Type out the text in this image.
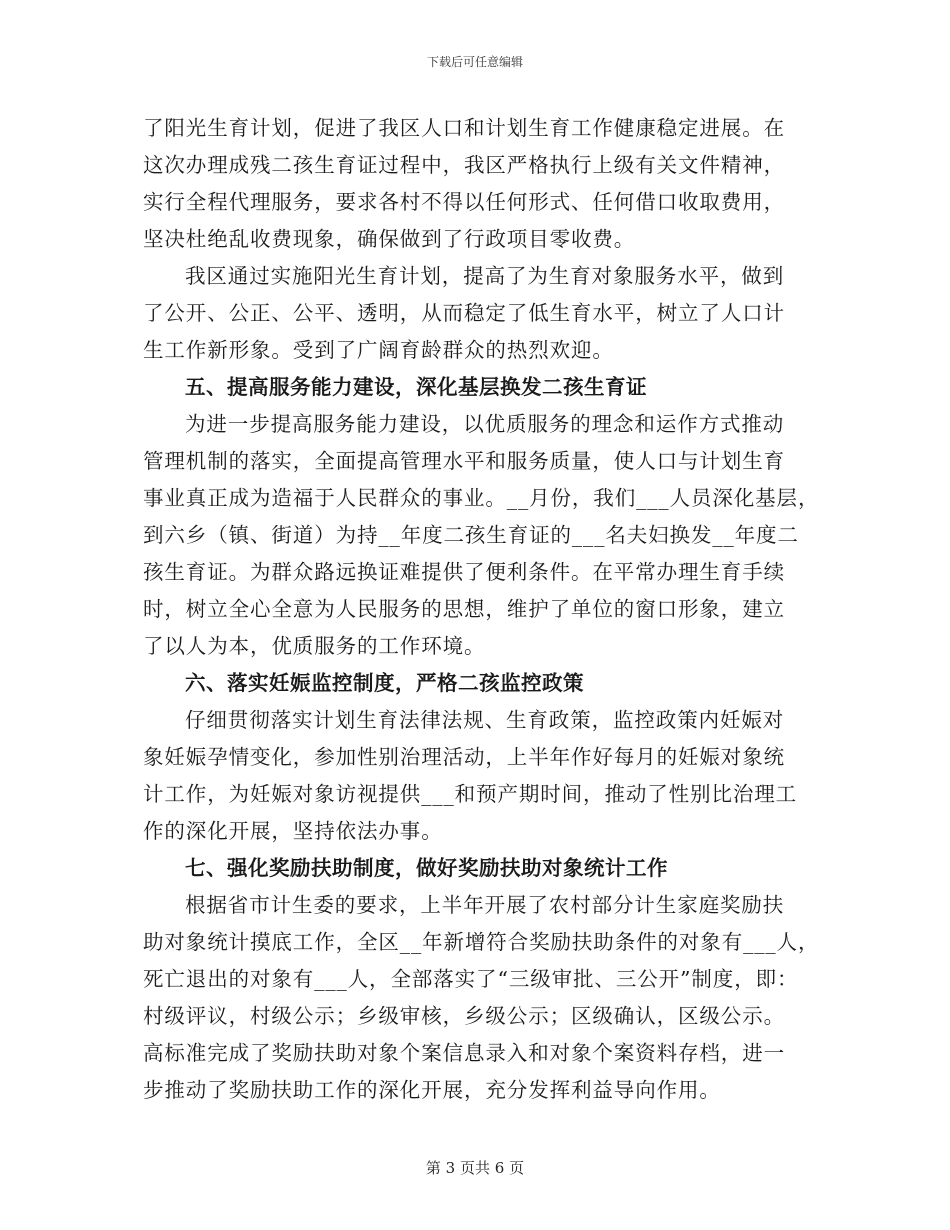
下载后可任意编辑
了阳光生育计划，促进了我区人口和计划生育工作健康稳定进展。在
这次办理成残二孩生育证过程中，我区严格执行上级有关文件精神，
实行全程代理服务，要求各村不得以任何形式、任何借口收取费用，
坚决杜绝乱收费现象，确保做到了行政项目零收费。
我区通过实施阳光生育计划，提高了为生育对象服务水平，做到
了公开、公正、公平、透明，从而稳定了低生育水平，树立了人口计
生工作新形象。受到了广阔育龄群众的热烈欢迎。
五、提高服务能力建设，深化基层换发二孩生育证
为进一步提高服务能力建设，以优质服务的理念和运作方式推动
管理机制的落实，全面提高管理水平和服务质量，使人口与计划生育
事业真正成为造福于人民群众的事业。__月份，我们___人员深化基层，
到六乡（镇、街道）为持__年度二孩生育证的___名夫妇换发__年度二
孩生育证。为群众路远换证难提供了便利条件。在平常办理生育手续
时，树立全心全意为人民服务的思想，维护了单位的窗口形象，建立
了以人为本，优质服务的工作环境。
六、落实妊娠监控制度，严格二孩监控政策
仔细贯彻落实计划生育法律法规、生育政策，监控政策内妊娠对
象妊娠孕情变化，参加性别治理活动，上半年作好每月的妊娠对象统
计工作，为妊娠对象访视提供___和预产期时间，推动了性别比治理工
作的深化开展，坚持依法办事。
七、强化奖励扶助制度，做好奖励扶助对象统计工作
根据省市计生委的要求，上半年开展了农村部分计生家庭奖励扶
助对象统计摸底工作，全区__年新增符合奖励扶助条件的对象有___人，
死亡退出的对象有___人，全部落实了“三级审批、三公开”制度，即：
村级评议，村级公示；乡级审核，乡级公示；区级确认，区级公示。
高标准完成了奖励扶助对象个案信息录入和对象个案资料存档，进一
步推动了奖励扶助工作的深化开展，充分发挥利益导向作用。
第 3 页共 6 页
